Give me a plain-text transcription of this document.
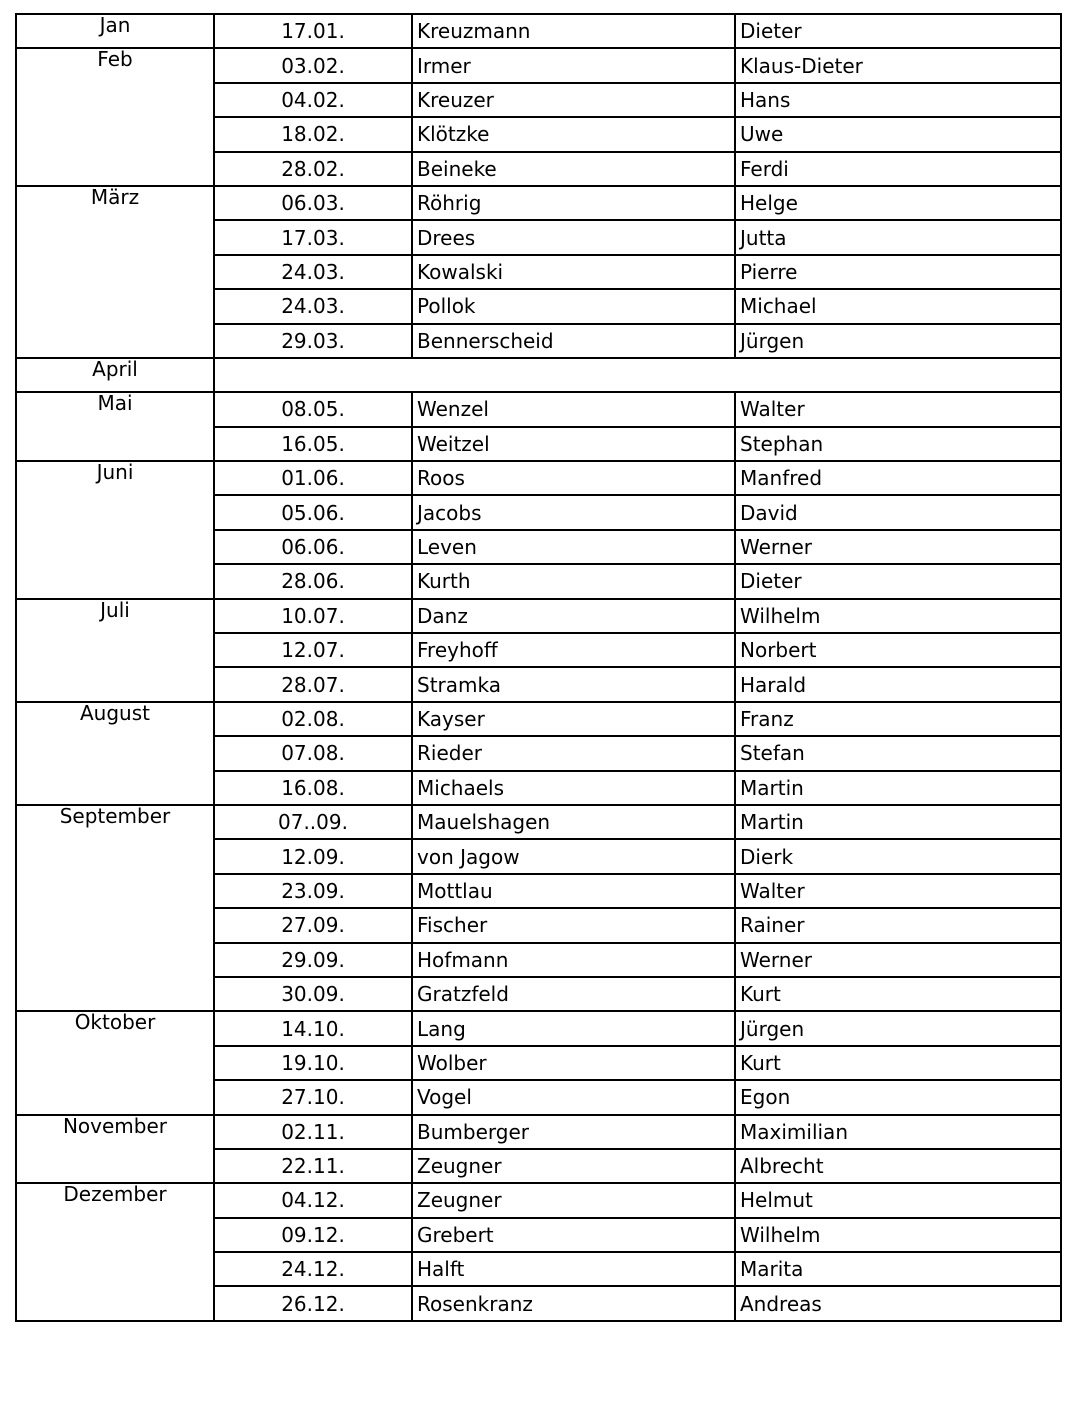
Jan	17.01.	Kreuzmann	Dieter
Feb	03.02.	Irmer	Klaus-Dieter
	04.02.	Kreuzer	Hans
	18.02.	Klötzke	Uwe
	28.02.	Beineke	Ferdi
März	06.03.	Röhrig	Helge
	17.03.	Drees	Jutta
	24.03.	Kowalski	Pierre
	24.03.	Pollok	Michael
	29.03.	Bennerscheid	Jürgen
April			
Mai	08.05.	Wenzel	Walter
	16.05.	Weitzel	Stephan
Juni	01.06.	Roos	Manfred
	05.06.	Jacobs	David
	06.06.	Leven	Werner
	28.06.	Kurth	Dieter
Juli	10.07.	Danz	Wilhelm
	12.07.	Freyhoff	Norbert
	28.07.	Stramka	Harald
August	02.08.	Kayser	Franz
	07.08.	Rieder	Stefan
	16.08.	Michaels	Martin
September	07..09.	Mauelshagen	Martin
	12.09.	von Jagow	Dierk
	23.09.	Mottlau	Walter
	27.09.	Fischer	Rainer
	29.09.	Hofmann	Werner
	30.09.	Gratzfeld	Kurt
Oktober	14.10.	Lang	Jürgen
	19.10.	Wolber	Kurt
	27.10.	Vogel	Egon
November	02.11.	Bumberger	Maximilian
	22.11.	Zeugner	Albrecht
Dezember	04.12.	Zeugner	Helmut
	09.12.	Grebert	Wilhelm
	24.12.	Halft	Marita
	26.12.	Rosenkranz	Andreas
